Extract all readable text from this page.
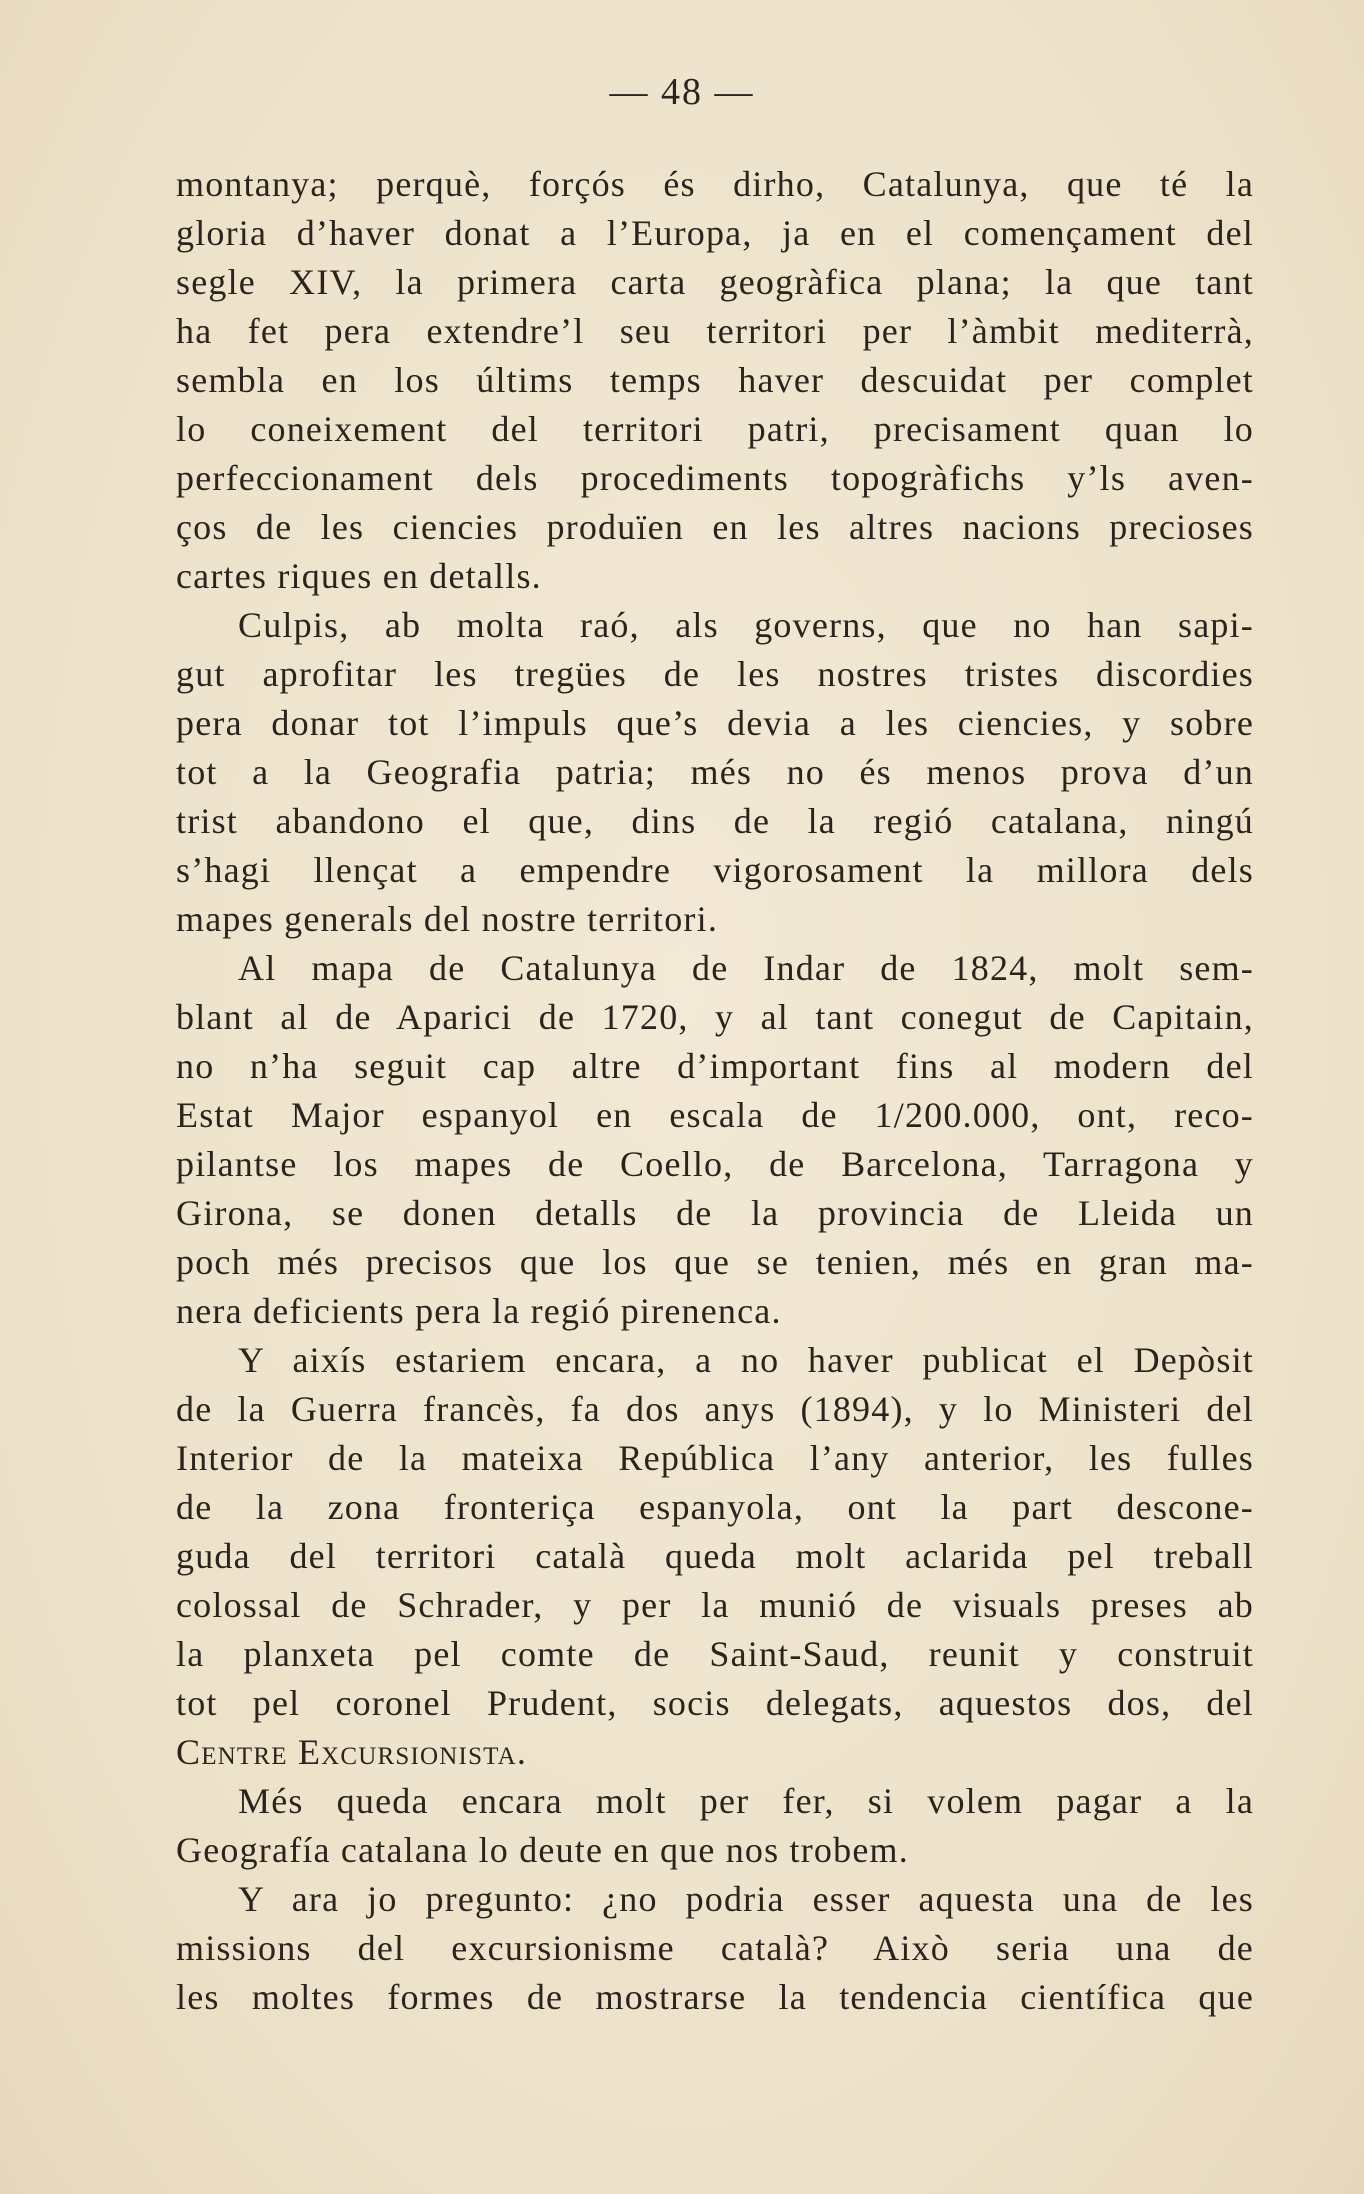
— 48 —
montanya; perquè, forçós és dirho, Catalunya, que té la
gloria d’haver donat a l’Europa, ja en el començament del
segle XIV, la primera carta geogràfica plana; la que tant
ha fet pera extendre’l seu territori per l’àmbit mediterrà,
sembla en los últims temps haver descuidat per complet
lo coneixement del territori patri, precisament quan lo
perfeccionament dels procediments topogràfichs y’ls aven-
ços de les ciencies produïen en les altres nacions precioses
cartes riques en detalls.
Culpis, ab molta raó, als governs, que no han sapi-
gut aprofitar les tregües de les nostres tristes discordies
pera donar tot l’impuls que’s devia a les ciencies, y sobre
tot a la Geografia patria; més no és menos prova d’un
trist abandono el que, dins de la regió catalana, ningú
s’hagi llençat a empendre vigorosament la millora dels
mapes generals del nostre territori.
Al mapa de Catalunya de Indar de 1824, molt sem-
blant al de Aparici de 1720, y al tant conegut de Capitain,
no n’ha seguit cap altre d’important fins al modern del
Estat Major espanyol en escala de 1/200.000, ont, reco-
pilantse los mapes de Coello, de Barcelona, Tarragona y
Girona, se donen detalls de la provincia de Lleida un
poch més precisos que los que se tenien, més en gran ma-
nera deficients pera la regió pirenenca.
Y aixís estariem encara, a no haver publicat el Depòsit
de la Guerra francès, fa dos anys (1894), y lo Ministeri del
Interior de la mateixa República l’any anterior, les fulles
de la zona fronteriça espanyola, ont la part descone-
guda del territori català queda molt aclarida pel treball
colossal de Schrader, y per la munió de visuals preses ab
la planxeta pel comte de Saint-Saud, reunit y construit
tot pel coronel Prudent, socis delegats, aquestos dos, del
Centre Excursionista.
Més queda encara molt per fer, si volem pagar a la
Geografía catalana lo deute en que nos trobem.
Y ara jo pregunto: ¿no podria esser aquesta una de les
missions del excursionisme català? Això seria una de
les moltes formes de mostrarse la tendencia científica que
